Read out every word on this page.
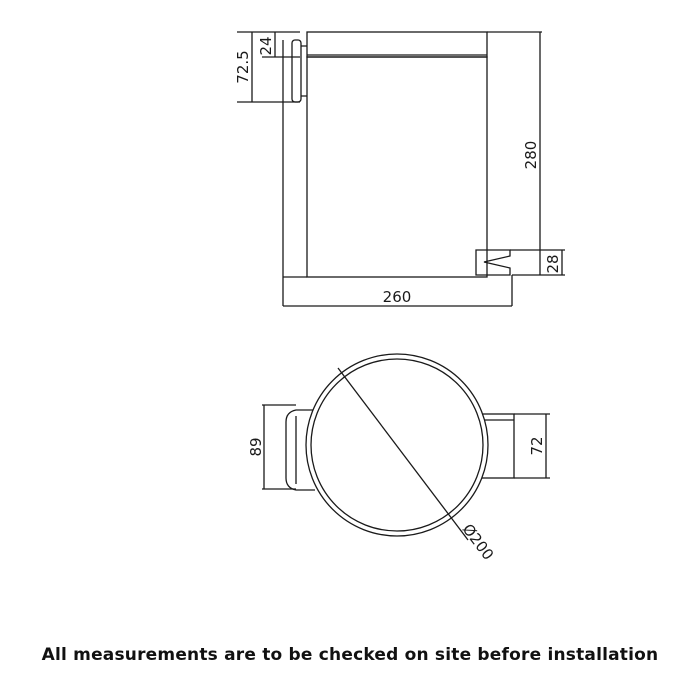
24
72.5
280
28
260
89	72
Ø200
All measurements are to be checked on site before installation
